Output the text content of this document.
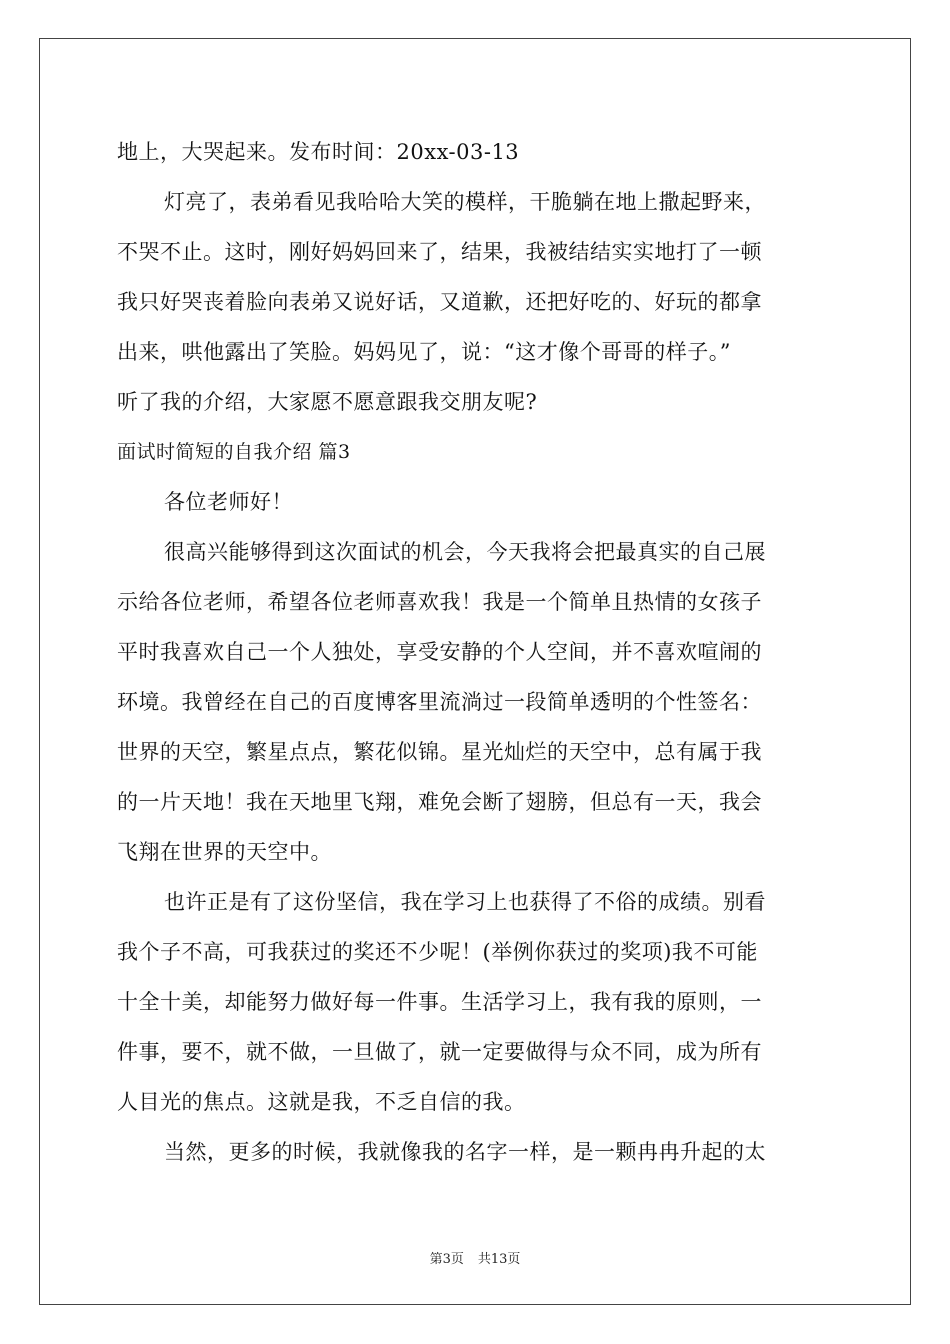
地上，大哭起来。发布时间：20xx-03-13
灯亮了，表弟看见我哈哈大笑的模样，干脆躺在地上撒起野来，
不哭不止。这时，刚好妈妈回来了，结果，我被结结实实地打了一顿
我只好哭丧着脸向表弟又说好话，又道歉，还把好吃的、好玩的都拿
出来，哄他露出了笑脸。妈妈见了，说：“这才像个哥哥的样子。”
听了我的介绍，大家愿不愿意跟我交朋友呢?
面试时简短的自我介绍 篇3
各位老师好！
很高兴能够得到这次面试的机会，今天我将会把最真实的自己展
示给各位老师，希望各位老师喜欢我！我是一个简单且热情的女孩子
平时我喜欢自己一个人独处，享受安静的个人空间，并不喜欢喧闹的
环境。我曾经在自己的百度博客里流淌过一段简单透明的个性签名：
世界的天空，繁星点点，繁花似锦。星光灿烂的天空中，总有属于我
的一片天地！我在天地里飞翔，难免会断了翅膀，但总有一天，我会
飞翔在世界的天空中。
也许正是有了这份坚信，我在学习上也获得了不俗的成绩。别看
我个子不高，可我获过的奖还不少呢！(举例你获过的奖项)我不可能
十全十美，却能努力做好每一件事。生活学习上，我有我的原则，一
件事，要不，就不做，一旦做了，就一定要做得与众不同，成为所有
人目光的焦点。这就是我，不乏自信的我。
当然，更多的时候，我就像我的名字一样，是一颗冉冉升起的太
第3页 共13页
